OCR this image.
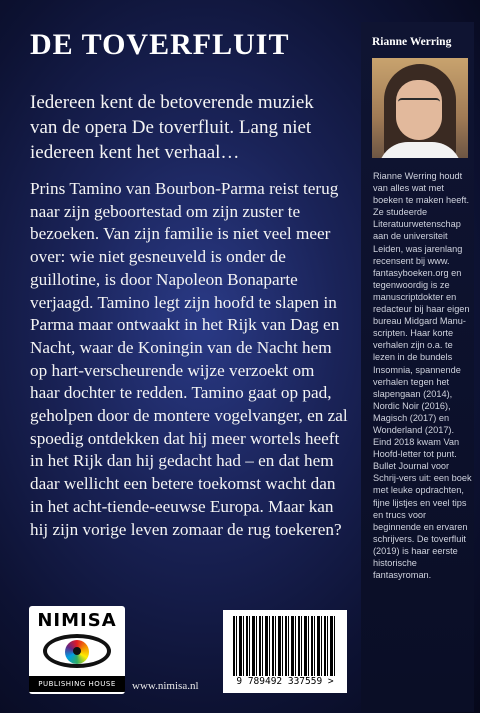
DE TOVERFLUIT

Iedereen kent de betoverende muziek van de opera De toverfluit. Lang niet iedereen kent het verhaal…

Prins Tamino van Bourbon-Parma reist terug naar zijn geboortestad om zijn zuster te bezoeken. Van zijn familie is niet veel meer over: wie niet gesneuveld is onder de guillotine, is door Napoleon Bonaparte verjaagd. Tamino legt zijn hoofd te slapen in Parma maar ontwaakt in het Rijk van Dag en Nacht, waar de Koningin van de Nacht hem op hart-verscheurende wijze verzoekt om haar dochter te redden. Tamino gaat op pad, geholpen door de montere vogelvanger, en zal spoedig ontdekken dat hij meer wortels heeft in het Rijk dan hij gedacht had – en dat hem daar wellicht een betere toekomst wacht dan in het acht-tiende-eeuwse Europa. Maar kan hij zijn vorige leven zomaar de rug toekeren?

Rianne Werring

Rianne Werring houdt van alles wat met boeken te maken heeft. Ze studeerde Literatuurwetenschap aan de universiteit Leiden, was jarenlang recensent bij www. fantasyboeken.org en tegenwoordig is ze manuscriptdokter en redacteur bij haar eigen bureau Midgard Manu-scripten. Haar korte verhalen zijn o.a. te lezen in de bundels Insomnia, spannende verhalen tegen het slapengaan (2014), Nordic Noir (2016), Magisch (2017) en Wonderland (2017). Eind 2018 kwam Van Hoofd-letter tot punt. Bullet Journal voor Schrij-vers uit: een boek met leuke opdrachten, fijne lijstjes en veel tips en trucs voor beginnende en ervaren schrijvers. De toverfluit (2019) is haar eerste historische fantasyroman.

NIMISA
PUBLISHING HOUSE	www.nimisa.nl	9 789492 337559 >
